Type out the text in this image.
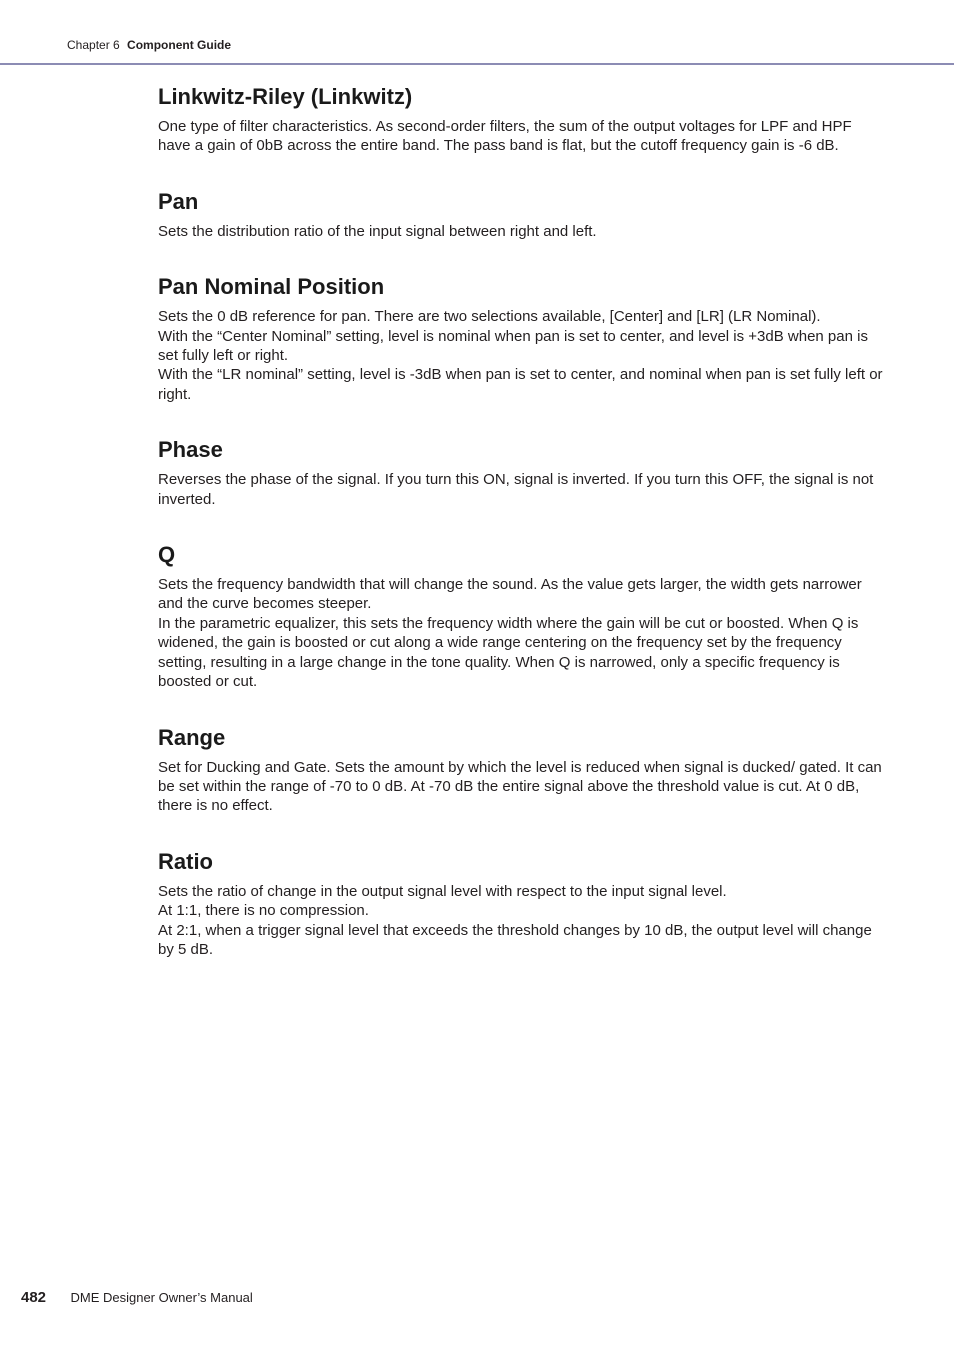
Chapter 6 Component Guide
Linkwitz-Riley (Linkwitz)

One type of filter characteristics. As second-order filters, the sum of the output voltages for LPF and HPF have a gain of 0bB across the entire band. The pass band is flat, but the cutoff frequency gain is -6 dB.

Pan

Sets the distribution ratio of the input signal between right and left.

Pan Nominal Position

Sets the 0 dB reference for pan. There are two selections available, [Center] and [LR] (LR Nominal).

With the “Center Nominal” setting, level is nominal when pan is set to center, and level is +3dB when pan is set fully left or right.

With the “LR nominal” setting, level is -3dB when pan is set to center, and nominal when pan is set fully left or right.

Phase

Reverses the phase of the signal. If you turn this ON, signal is inverted. If you turn this OFF, the signal is not inverted.

Q

Sets the frequency bandwidth that will change the sound. As the value gets larger, the width gets narrower and the curve becomes steeper.

In the parametric equalizer, this sets the frequency width where the gain will be cut or boosted. When Q is widened, the gain is boosted or cut along a wide range centering on the frequency set by the frequency setting, resulting in a large change in the tone quality. When Q is narrowed, only a specific frequency is boosted or cut.

Range

Set for Ducking and Gate. Sets the amount by which the level is reduced when signal is ducked/ gated. It can be set within the range of -70 to 0 dB. At -70 dB the entire signal above the threshold value is cut. At 0 dB, there is no effect.

Ratio

Sets the ratio of change in the output signal level with respect to the input signal level.

At 1:1, there is no compression.

At 2:1, when a trigger signal level that exceeds the threshold changes by 10 dB, the output level will change by 5 dB.

482 DME Designer Owner’s Manual
